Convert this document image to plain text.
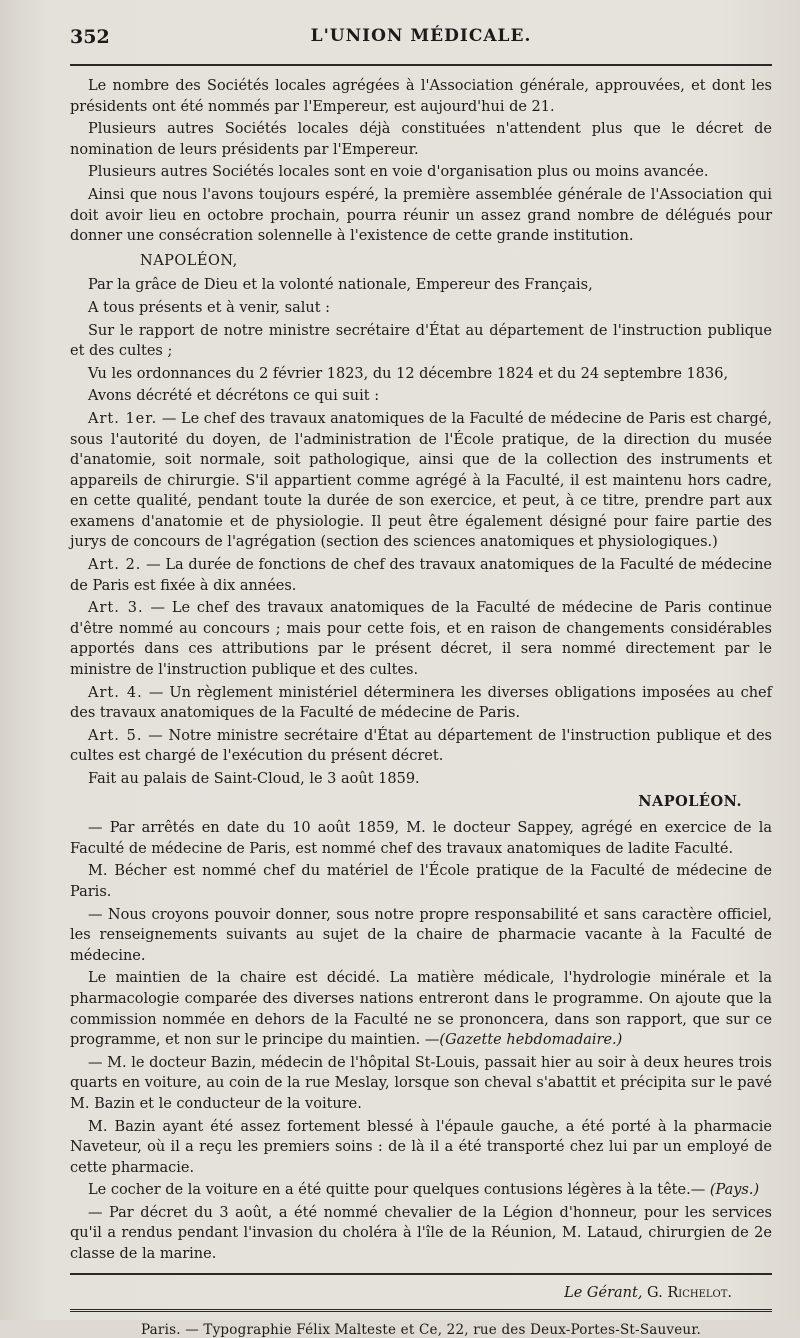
352	L'UNION MÉDICALE.

Le nombre des Sociétés locales agrégées à l'Association générale, approuvées, et dont les présidents ont été nommés par l'Empereur, est aujourd'hui de 21.

Plusieurs autres Sociétés locales déjà constituées n'attendent plus que le décret de nomination de leurs présidents par l'Empereur.

Plusieurs autres Sociétés locales sont en voie d'organisation plus ou moins avancée.

Ainsi que nous l'avons toujours espéré, la première assemblée générale de l'Association qui doit avoir lieu en octobre prochain, pourra réunir un assez grand nombre de délégués pour donner une consécration solennelle à l'existence de cette grande institution.

NAPOLÉON,

Par la grâce de Dieu et la volonté nationale, Empereur des Français,

A tous présents et à venir, salut :

Sur le rapport de notre ministre secrétaire d'État au département de l'instruction publique et des cultes ;

Vu les ordonnances du 2 février 1823, du 12 décembre 1824 et du 24 septembre 1836,

Avons décrété et décrétons ce qui suit :

Art. 1er. — Le chef des travaux anatomiques de la Faculté de médecine de Paris est chargé, sous l'autorité du doyen, de l'administration de l'École pratique, de la direction du musée d'anatomie, soit normale, soit pathologique, ainsi que de la collection des instruments et appareils de chirurgie. S'il appartient comme agrégé à la Faculté, il est maintenu hors cadre, en cette qualité, pendant toute la durée de son exercice, et peut, à ce titre, prendre part aux examens d'anatomie et de physiologie. Il peut être également désigné pour faire partie des jurys de concours de l'agrégation (section des sciences anatomiques et physiologiques.)

Art. 2. — La durée de fonctions de chef des travaux anatomiques de la Faculté de médecine de Paris est fixée à dix années.

Art. 3. — Le chef des travaux anatomiques de la Faculté de médecine de Paris continue d'être nommé au concours ; mais pour cette fois, et en raison de changements considérables apportés dans ces attributions par le présent décret, il sera nommé directement par le ministre de l'instruction publique et des cultes.

Art. 4. — Un règlement ministériel déterminera les diverses obligations imposées au chef des travaux anatomiques de la Faculté de médecine de Paris.

Art. 5. — Notre ministre secrétaire d'État au département de l'instruction publique et des cultes est chargé de l'exécution du présent décret.

Fait au palais de Saint-Cloud, le 3 août 1859.

NAPOLÉON.

— Par arrêtés en date du 10 août 1859, M. le docteur Sappey, agrégé en exercice de la Faculté de médecine de Paris, est nommé chef des travaux anatomiques de ladite Faculté.

M. Bécher est nommé chef du matériel de l'École pratique de la Faculté de médecine de Paris.

— Nous croyons pouvoir donner, sous notre propre responsabilité et sans caractère officiel, les renseignements suivants au sujet de la chaire de pharmacie vacante à la Faculté de médecine.

Le maintien de la chaire est décidé. La matière médicale, l'hydrologie minérale et la pharmacologie comparée des diverses nations entreront dans le programme. On ajoute que la commission nommée en dehors de la Faculté ne se prononcera, dans son rapport, que sur ce programme, et non sur le principe du maintien. —(Gazette hebdomadaire.)

— M. le docteur Bazin, médecin de l'hôpital St-Louis, passait hier au soir à deux heures trois quarts en voiture, au coin de la rue Meslay, lorsque son cheval s'abattit et précipita sur le pavé M. Bazin et le conducteur de la voiture.

M. Bazin ayant été assez fortement blessé à l'épaule gauche, a été porté à la pharmacie Naveteur, où il a reçu les premiers soins : de là il a été transporté chez lui par un employé de cette pharmacie.

Le cocher de la voiture en a été quitte pour quelques contusions légères à la tête.— (Pays.)

— Par décret du 3 août, a été nommé chevalier de la Légion d'honneur, pour les services qu'il a rendus pendant l'invasion du choléra à l'île de la Réunion, M. Lataud, chirurgien de 2e classe de la marine.

Le Gérant, G. Richelot.
Paris. — Typographie Félix Malteste et Ce, 22, rue des Deux-Portes-St-Sauveur.
